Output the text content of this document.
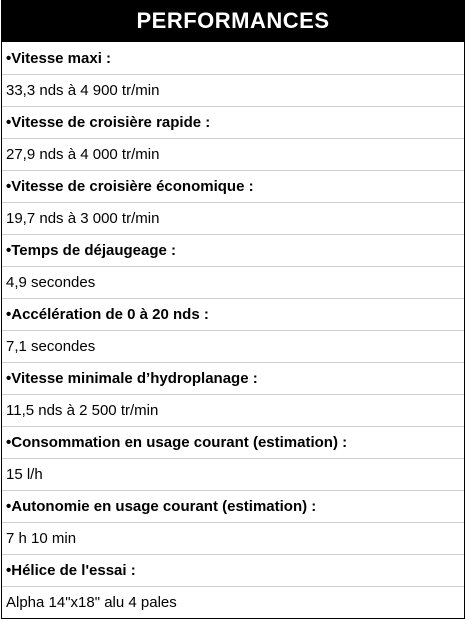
PERFORMANCES
•Vitesse maxi :
33,3 nds à 4 900 tr/min
•Vitesse de croisière rapide :
27,9 nds à 4 000 tr/min
•Vitesse de croisière économique :
19,7 nds à 3 000 tr/min
•Temps de déjaugeage :
4,9 secondes
•Accélération de 0 à 20 nds :
7,1 secondes
•Vitesse minimale d’hydroplanage :
11,5 nds à 2 500 tr/min
•Consommation en usage courant (estimation) :
15 l/h
•Autonomie en usage courant (estimation) :
7 h 10 min
•Hélice de l'essai :
Alpha 14"x18" alu 4 pales
